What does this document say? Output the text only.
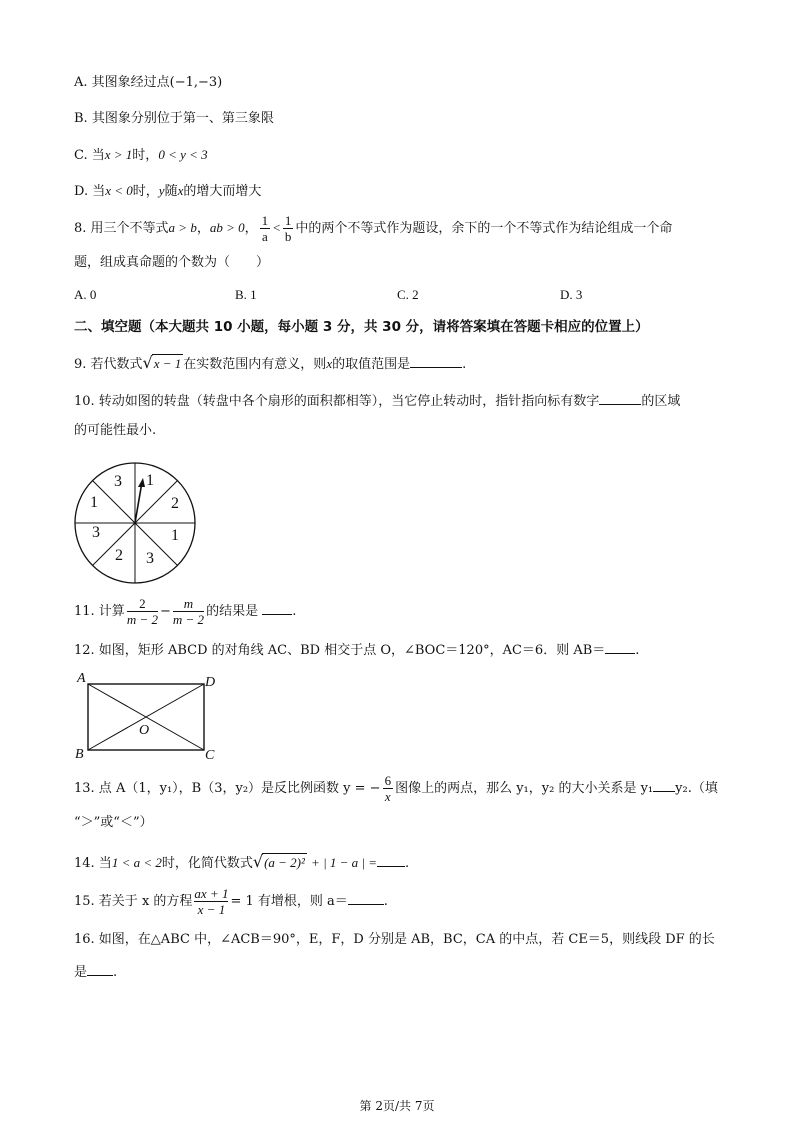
A. 其图象经过点(−1,−3)
B. 其图象分别位于第一、第三象限
C. 当x > 1时，0 < y < 3
D. 当x < 0时，y随x的增大而增大
8. 用三个不等式a > b，ab > 0， $\frac{1}{a} < \frac{1}{b}$ 中的两个不等式作为题设，余下的一个不等式作为结论组成一个命
题，组成真命题的个数为（　　）
A. 0	B. 1	C. 2	D. 3
二、填空题（本大题共 10 小题，每小题 3 分，共 30 分，请将答案填在答题卡相应的位置上）
9. 若代数式√x − 1 在实数范围内有意义，则x的取值范围是	.
10. 转动如图的转盘（转盘中各个扇形的面积都相等），当它停止转动时，指针指向标有数字	的区域
的可能性最小.
1
2
1
3
2
3
1
3
11. 计算 $\frac{2}{m - 2} - \frac{m}{m - 2}$ 的结果是	.
12. 如图，矩形 ABCD 的对角线 AC、BD 相交于点 O，∠BOC＝120°，AC＝6．则 AB＝ .
A
B	C
D
O
13. 点 A（1，y₁），B（3，y₂）是反比例函数 y = − $\frac{6}{x}$ 图像上的两点，那么 y₁，y₂ 的大小关系是 y₁ y₂.（填
“＞”或“＜”）
14. 当1 < a < 2时，化简代数式√(a − 2)² + | 1 − a | = .
15. 若关于 x 的方程 $\frac{ax + 1}{x - 1} = 1$ 有增根，则 a＝	.
16. 如图，在△ABC 中，∠ACB＝90°，E，F，D 分别是 AB，BC，CA 的中点，若 CE＝5，则线段 DF 的长
是 .
第 2页/共 7页
